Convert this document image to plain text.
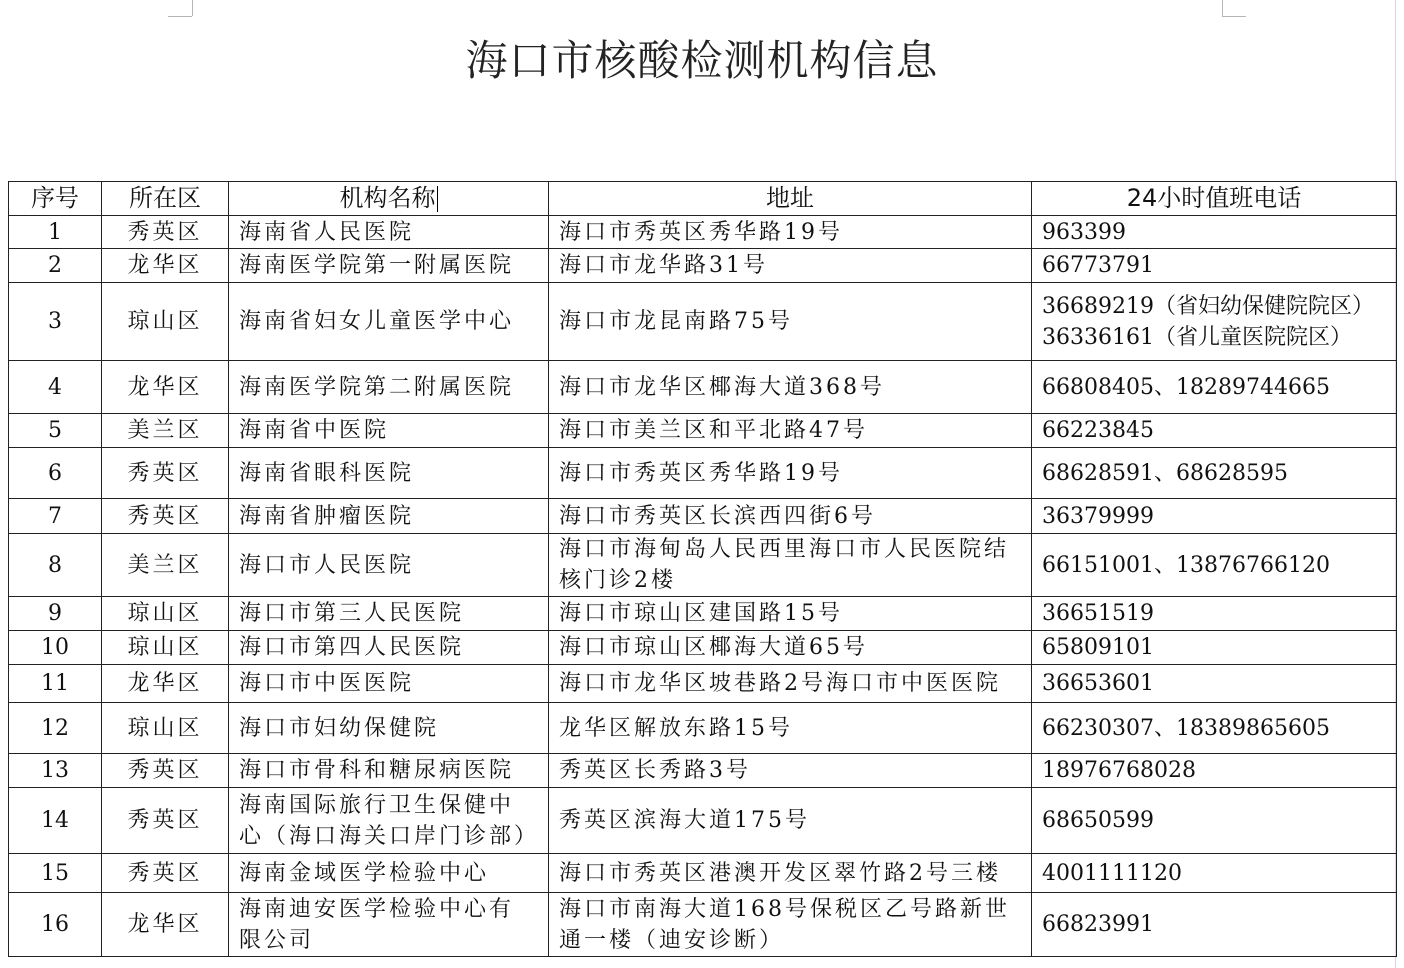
海口市核酸检测机构信息
序号	所在区	机构名称	地址	24小时值班电话
1	秀英区	海南省人民医院	海口市秀英区秀华路19号	963399

2	龙华区	海南医学院第一附属医院	海口市龙华路31号	66773791

3	琼山区	海南省妇女儿童医学中心	海口市龙昆南路75号	36689219（省妇幼保健院院区）
36336161（省儿童医院院区）

4	龙华区	海南医学院第二附属医院	海口市龙华区椰海大道368号	66808405、18289744665

5	美兰区	海南省中医院	海口市美兰区和平北路47号	66223845

6	秀英区	海南省眼科医院	海口市秀英区秀华路19号	68628591、68628595

7	秀英区	海南省肿瘤医院	海口市秀英区长滨西四街6号	36379999

8	美兰区	海口市人民医院	海口市海甸岛人民西里海口市人民医院结核门诊2楼	66151001、13876766120

9	琼山区	海口市第三人民医院	海口市琼山区建国路15号	36651519

10	琼山区	海口市第四人民医院	海口市琼山区椰海大道65号	65809101

11	龙华区	海口市中医医院	海口市龙华区坡巷路2号海口市中医医院	36653601

12	琼山区	海口市妇幼保健院	龙华区解放东路15号	66230307、18389865605

13	秀英区	海口市骨科和糖尿病医院	秀英区长秀路3号	18976768028

14	秀英区	海南国际旅行卫生保健中心（海口海关口岸门诊部）	秀英区滨海大道175号	68650599

15	秀英区	海南金域医学检验中心	海口市秀英区港澳开发区翠竹路2号三楼	4001111120

16	龙华区	海南迪安医学检验中心有限公司	海口市南海大道168号保税区乙号路新世通一楼（迪安诊断）	66823991
